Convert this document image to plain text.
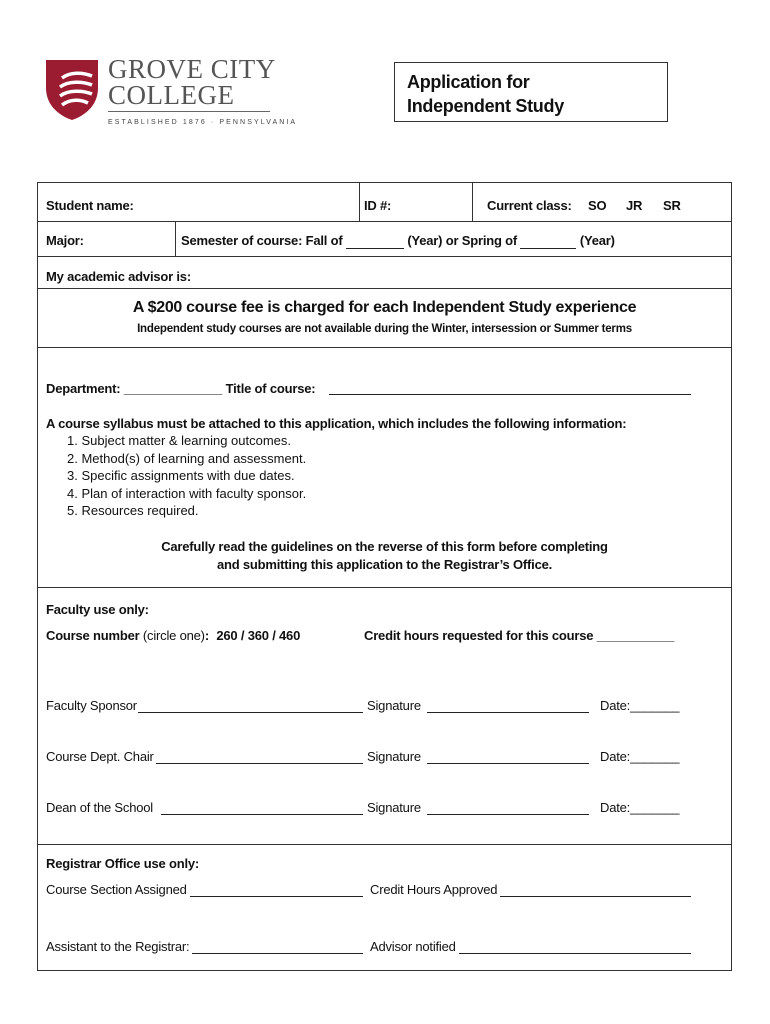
GROVE CITY
COLLEGE
ESTABLISHED 1876 · PENNSYLVANIA
Application for
Independent Study
Student name:	ID #:	Current class: SO JR SR
Major:	Semester of course: Fall of	(Year) or Spring of	(Year)
My academic advisor is:
A $200 course fee is charged for each Independent Study experience
Independent study courses are not available during the Winter, intersession or Summer terms
Department: ______________ Title of course:
A course syllabus must be attached to this application, which includes the following information:
1. Subject matter & learning outcomes.
2. Method(s) of learning and assessment.
3. Specific assignments with due dates.
4. Plan of interaction with faculty sponsor.
5. Resources required.
Carefully read the guidelines on the reverse of this form before completing
and submitting this application to the Registrar’s Office.
Faculty use only:
Course number (circle one): 260 / 360 / 460	Credit hours requested for this course ___________
Faculty Sponsor	Signature	Date:_______
Course Dept. Chair	Signature	Date:_______
Dean of the School	Signature	Date:_______
Registrar Office use only:
Course Section Assigned	Credit Hours Approved
Assistant to the Registrar:	Advisor notified
